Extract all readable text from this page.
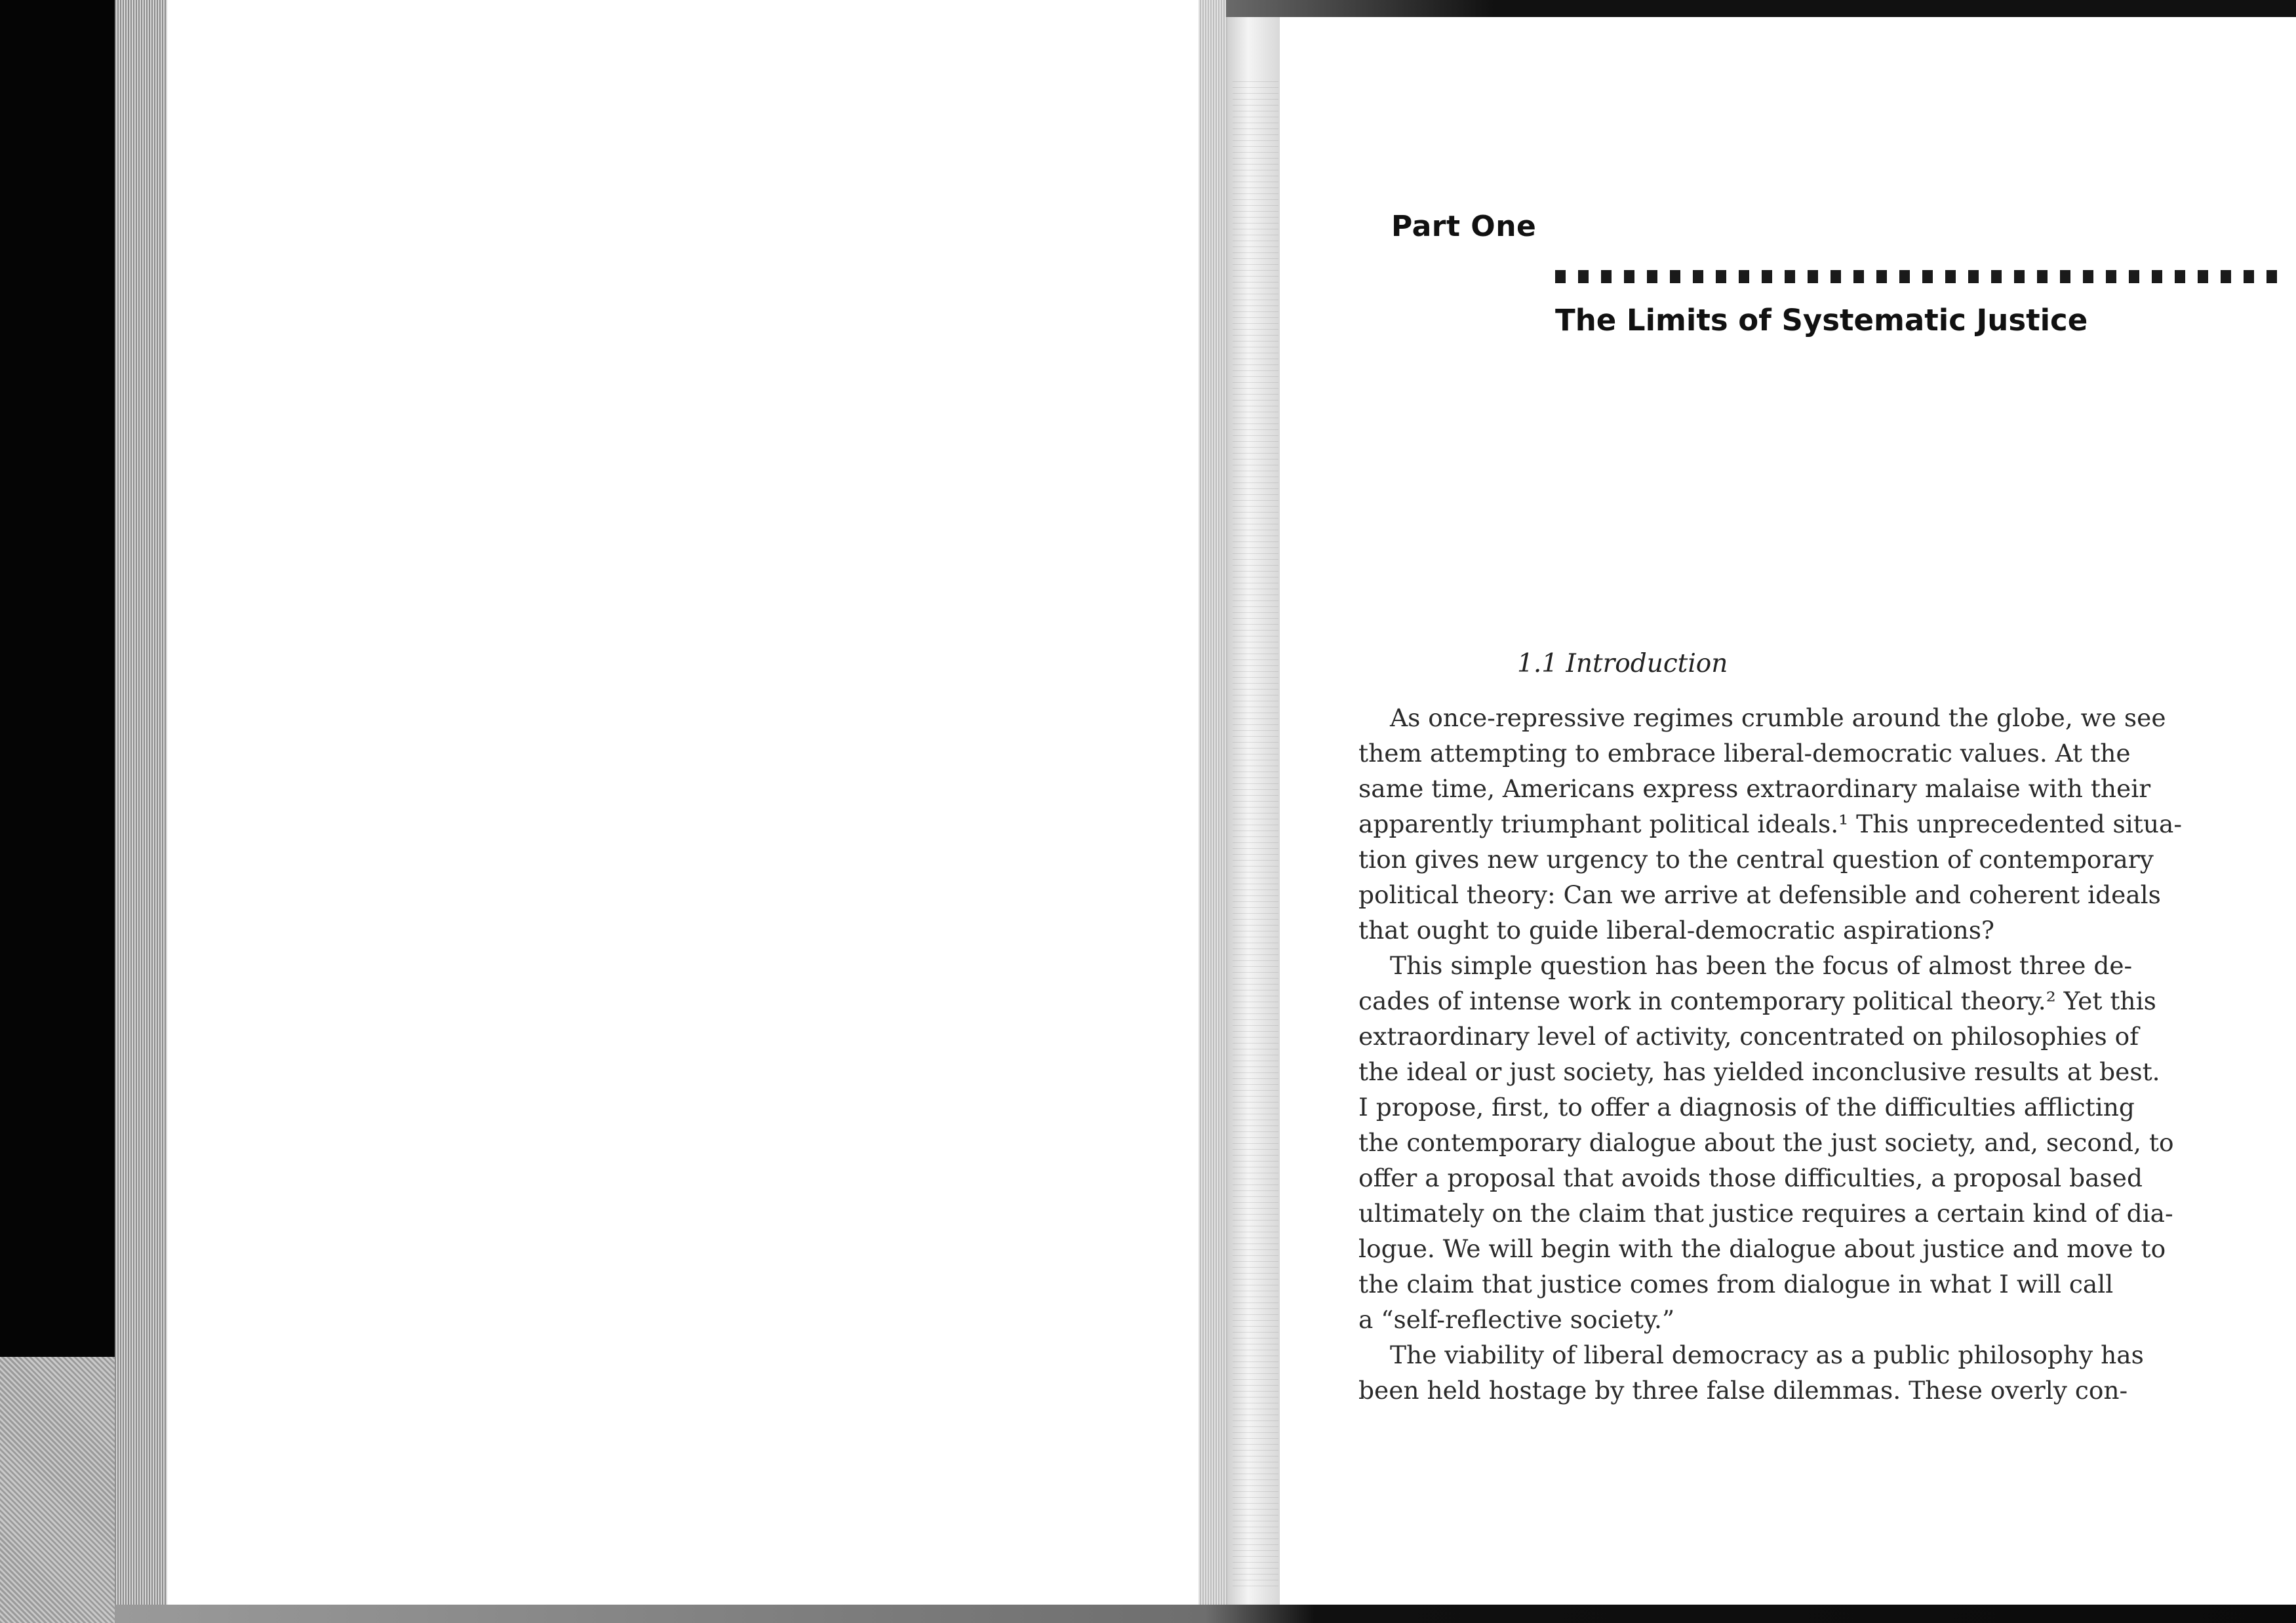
Part One
The Limits of Systematic Justice
1.1 Introduction
As once-repressive regimes crumble around the globe, we see
them attempting to embrace liberal-democratic values. At the
same time, Americans express extraordinary malaise with their
apparently triumphant political ideals.¹ This unprecedented situa-
tion gives new urgency to the central question of contemporary
political theory: Can we arrive at defensible and coherent ideals
that ought to guide liberal-democratic aspirations?
This simple question has been the focus of almost three de-
cades of intense work in contemporary political theory.² Yet this
extraordinary level of activity, concentrated on philosophies of
the ideal or just society, has yielded inconclusive results at best.
I propose, first, to offer a diagnosis of the difficulties afflicting
the contemporary dialogue about the just society, and, second, to
offer a proposal that avoids those difficulties, a proposal based
ultimately on the claim that justice requires a certain kind of dia-
logue. We will begin with the dialogue about justice and move to
the claim that justice comes from dialogue in what I will call
a “self-reflective society.”
The viability of liberal democracy as a public philosophy has
been held hostage by three false dilemmas. These overly con-
